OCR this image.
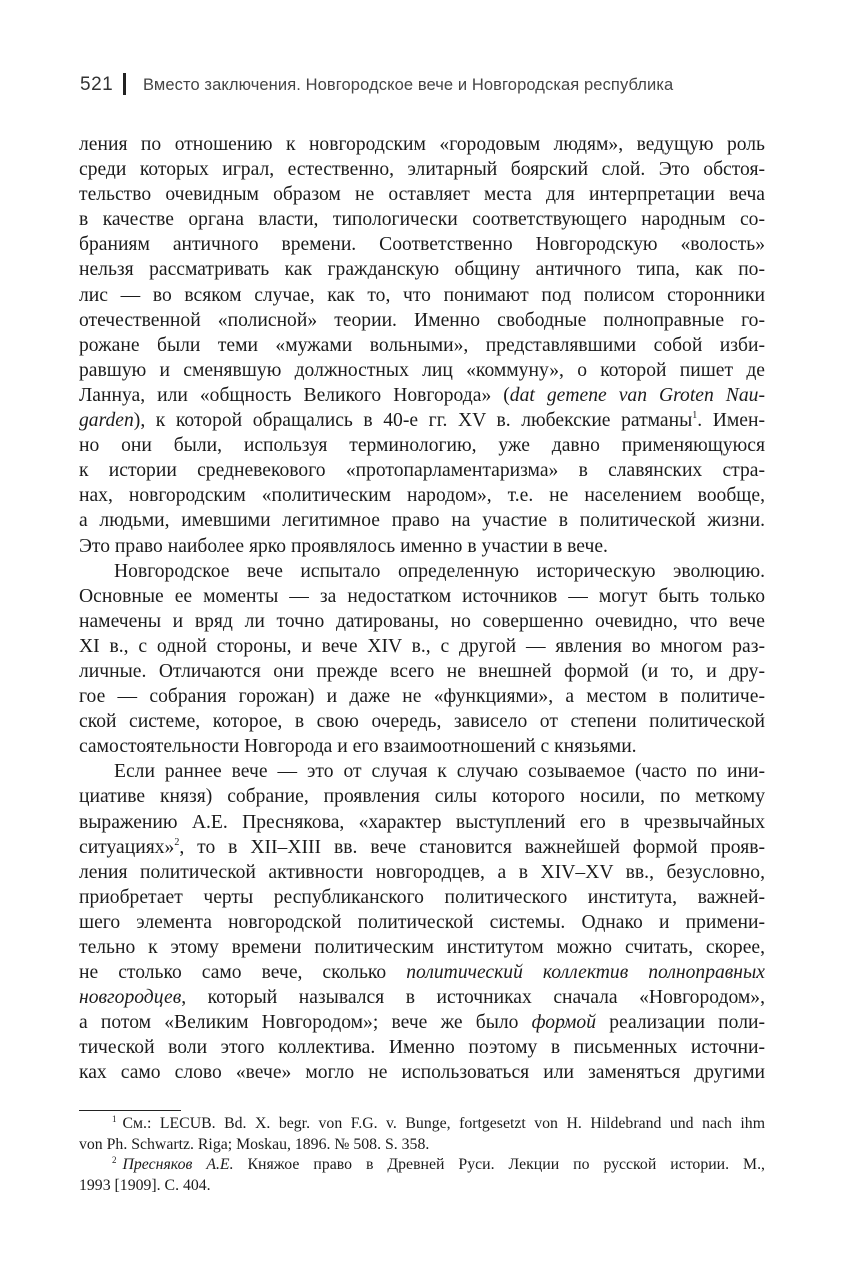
521 Вместо заключения. Новгородское вече и Новгородская республика

ления по отношению к новгородским «городовым людям», ведущую роль

среди которых играл, естественно, элитарный боярский слой. Это обстоя-

тельство очевидным образом не оставляет места для интерпретации веча

в качестве органа власти, типологически соответствующего народным со-

браниям античного времени. Соответственно Новгородскую «волость»

нельзя рассматривать как гражданскую общину античного типа, как по-

лис — во всяком случае, как то, что понимают под полисом сторонники

отечественной «полисной» теории. Именно свободные полноправные го-

рожане были теми «мужами вольными», представлявшими собой изби-

равшую и сменявшую должностных лиц «коммуну», о которой пишет де

Ланнуа, или «общность Великого Новгорода» (dat gemene van Groten Nau-

garden), к которой обращались в 40-е гг. XV в. любекские ратманы$^1$. Имен-

но они были, используя терминологию, уже давно применяющуюся

к истории средневекового «протопарламентаризма» в славянских стра-

нах, новгородским «политическим народом», т.е. не населением вообще,

а людьми, имевшими легитимное право на участие в политической жизни.

Это право наиболее ярко проявлялось именно в участии в вече.

Новгородское вече испытало определенную историческую эволюцию.

Основные ее моменты — за недостатком источников — могут быть только

намечены и вряд ли точно датированы, но совершенно очевидно, что вече

XI в., с одной стороны, и вече XIV в., с другой — явления во многом раз-

личные. Отличаются они прежде всего не внешней формой (и то, и дру-

гое — собрания горожан) и даже не «функциями», а местом в политиче-

ской системе, которое, в свою очередь, зависело от степени политической

самостоятельности Новгорода и его взаимоотношений с князьями.

Если раннее вече — это от случая к случаю созываемое (часто по ини-

циативе князя) собрание, проявления силы которого носили, по меткому

выражению А.Е. Преснякова, «характер выступлений его в чрезвычайных

ситуациях»$^2$, то в XII–XIII вв. вече становится важнейшей формой прояв-

ления политической активности новгородцев, а в XIV–XV вв., безусловно,

приобретает черты республиканского политического института, важней-

шего элемента новгородской политической системы. Однако и примени-

тельно к этому времени политическим институтом можно считать, скорее,

не столько само вече, сколько политический коллектив полноправных

новгородцев, который назывался в источниках сначала «Новгородом»,

а потом «Великим Новгородом»; вече же было формой реализации поли-

тической воли этого коллектива. Именно поэтому в письменных источни-

ках само слово «вече» могло не использоваться или заменяться другими

$^1$ См.: LECUB. Bd. X. begr. von F.G. v. Bunge, fortgesetzt von H. Hildebrand und nach ihm

von Ph. Schwartz. Riga; Moskau, 1896. № 508. S. 358.

$^2$ Пресняков А.Е. Княжое право в Древней Руси. Лекции по русской истории. М.,

1993 [1909]. С. 404.
